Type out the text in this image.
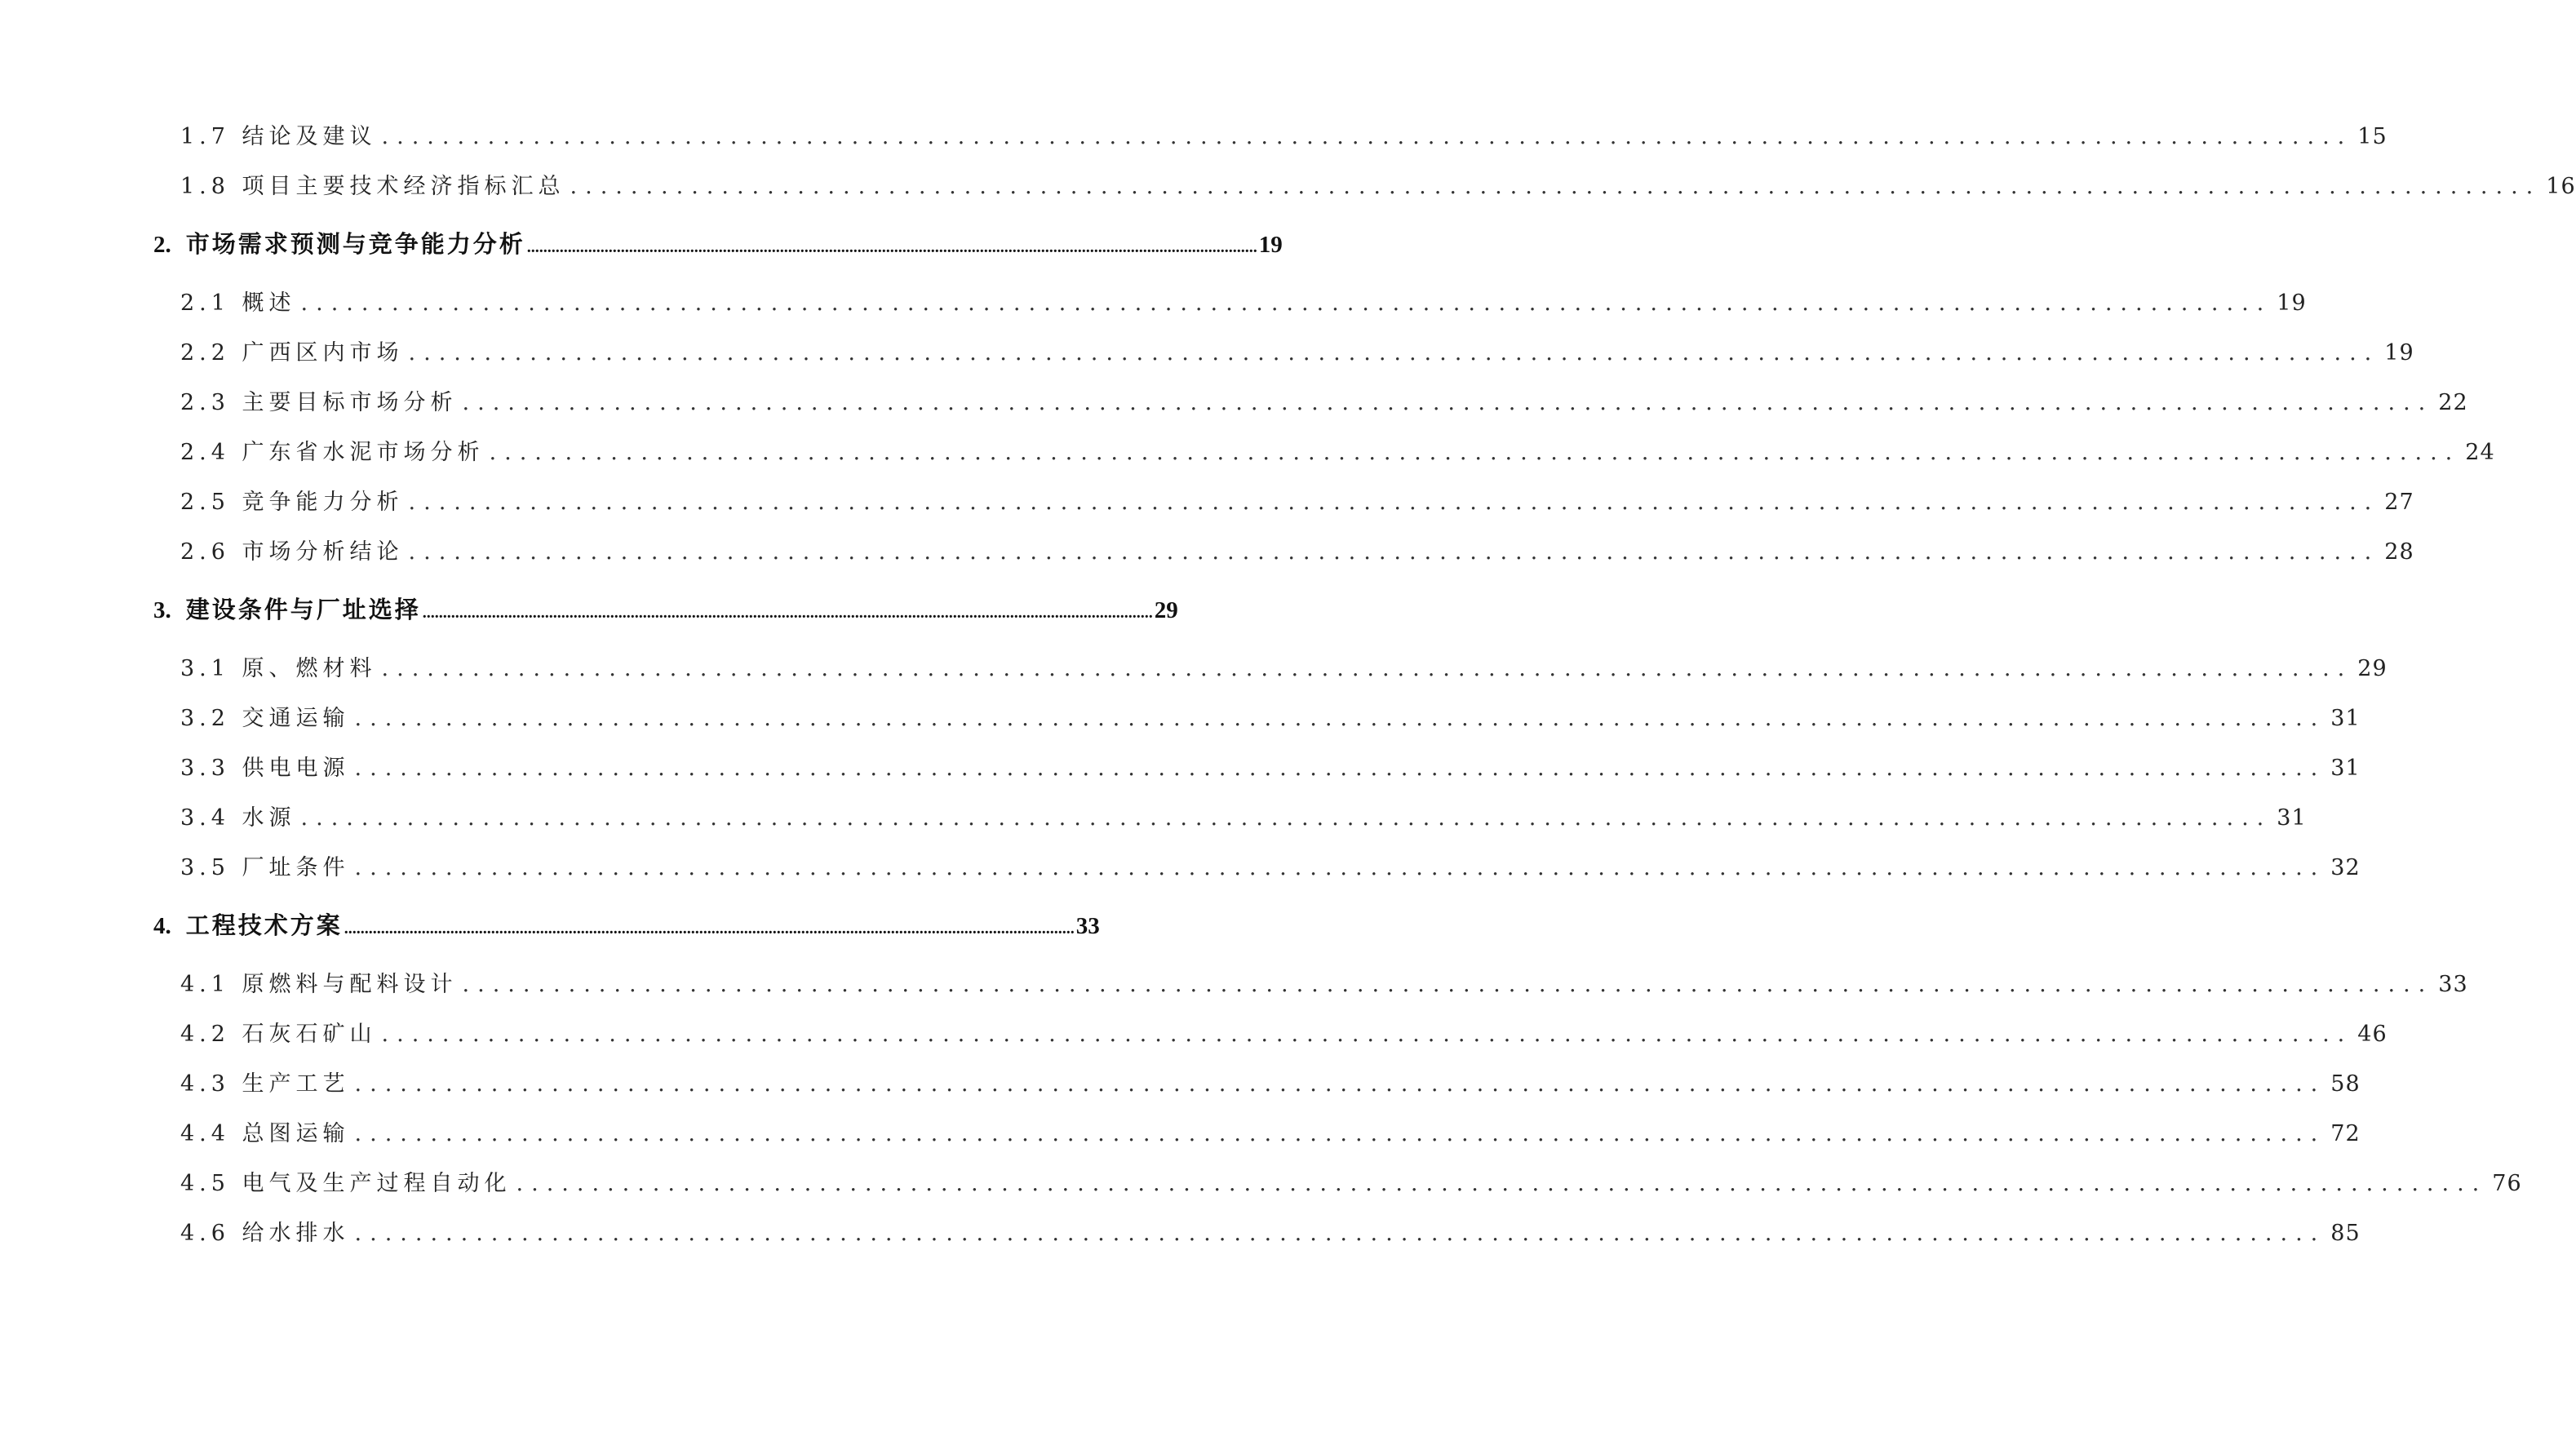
1.7 结论及建议 .................................................................................................................................. 15
1.8 项目主要技术经济指标汇总 .................................................................................................................................. 16
2. 市场需求预测与竞争能力分析 ................................................................................................................................................................................... 19
2.1 概述 .................................................................................................................................. 19
2.2 广西区内市场 .................................................................................................................................. 19
2.3 主要目标市场分析 .................................................................................................................................. 22
2.4 广东省水泥市场分析 .................................................................................................................................. 24
2.5 竞争能力分析 .................................................................................................................................. 27
2.6 市场分析结论 .................................................................................................................................. 28
3. 建设条件与厂址选择 ................................................................................................................................................................................... 29
3.1 原、燃材料 .................................................................................................................................. 29
3.2 交通运输 .................................................................................................................................. 31
3.3 供电电源 .................................................................................................................................. 31
3.4 水源 .................................................................................................................................. 31
3.5 厂址条件 .................................................................................................................................. 32
4. 工程技术方案 ................................................................................................................................................................................... 33
4.1 原燃料与配料设计 .................................................................................................................................. 33
4.2 石灰石矿山 .................................................................................................................................. 46
4.3 生产工艺 .................................................................................................................................. 58
4.4 总图运输 .................................................................................................................................. 72
4.5 电气及生产过程自动化 .................................................................................................................................. 76
4.6 给水排水 .................................................................................................................................. 85
